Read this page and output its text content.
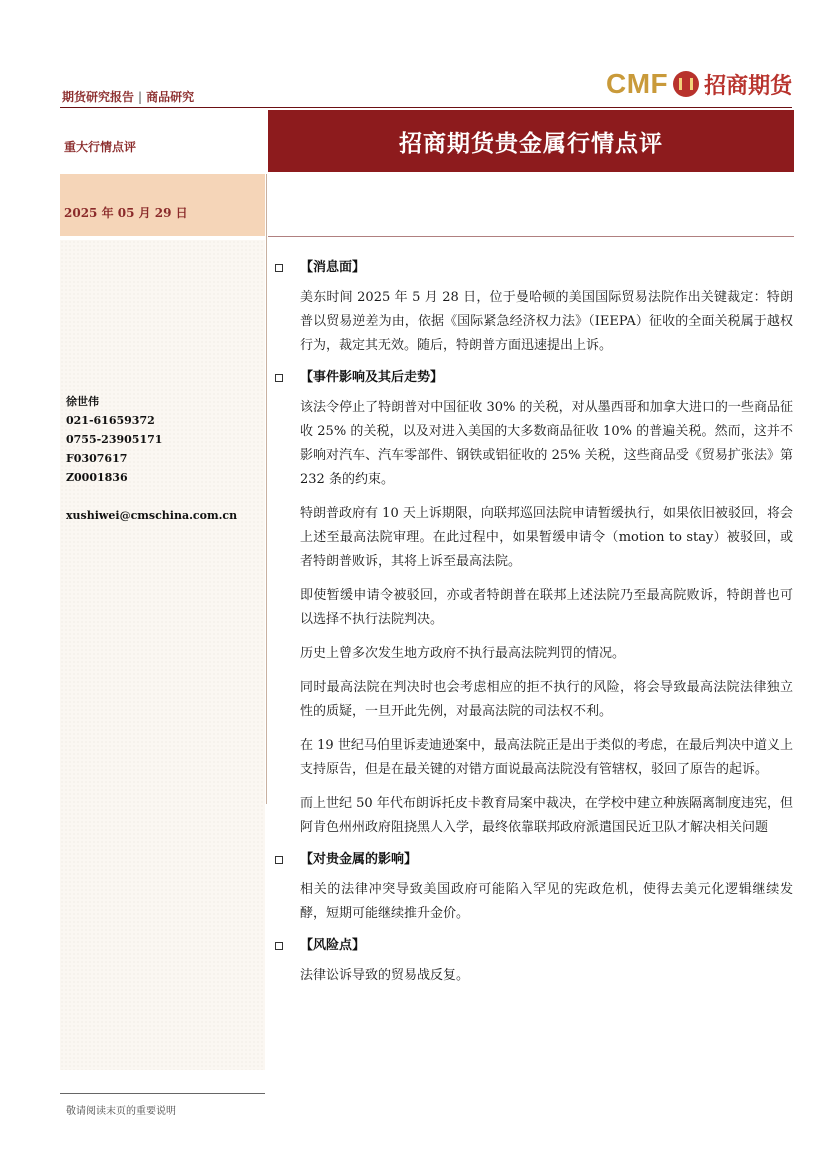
期货研究报告 | 商品研究	CMF 招商期货
重大行情点评	招商期货贵金属行情点评
2025 年 05 月 29 日
徐世伟
021-61659372
0755-23905171
F0307617
Z0001836
xushiwei@cmschina.com.cn
【消息面】

美东时间 2025 年 5 月 28 日，位于曼哈顿的美国国际贸易法院作出关键裁定：特朗普以贸易逆差为由，依据《国际紧急经济权力法》（IEEPA）征收的全面关税属于越权行为，裁定其无效。随后，特朗普方面迅速提出上诉。

【事件影响及其后走势】

该法令停止了特朗普对中国征收 30% 的关税，对从墨西哥和加拿大进口的一些商品征收 25% 的关税，以及对进入美国的大多数商品征收 10% 的普遍关税。然而，这并不影响对汽车、汽车零部件、钢铁或铝征收的 25% 关税，这些商品受《贸易扩张法》第 232 条的约束。

特朗普政府有 10 天上诉期限，向联邦巡回法院申请暂缓执行，如果依旧被驳回，将会上述至最高法院审理。在此过程中，如果暂缓申请令（motion to stay）被驳回，或者特朗普败诉，其将上诉至最高法院。

即使暂缓申请令被驳回，亦或者特朗普在联邦上述法院乃至最高院败诉，特朗普也可以选择不执行法院判决。

历史上曾多次发生地方政府不执行最高法院判罚的情况。

同时最高法院在判决时也会考虑相应的拒不执行的风险，将会导致最高法院法律独立性的质疑，一旦开此先例，对最高法院的司法权不利。

在 19 世纪马伯里诉麦迪逊案中，最高法院正是出于类似的考虑，在最后判决中道义上支持原告，但是在最关键的对错方面说最高法院没有管辖权，驳回了原告的起诉。

而上世纪 50 年代布朗诉托皮卡教育局案中裁决，在学校中建立种族隔离制度违宪，但阿肯色州州政府阻挠黑人入学，最终依靠联邦政府派遣国民近卫队才解决相关问题

【对贵金属的影响】

相关的法律冲突导致美国政府可能陷入罕见的宪政危机，使得去美元化逻辑继续发酵，短期可能继续推升金价。

【风险点】

法律讼诉导致的贸易战反复。

敬请阅读末页的重要说明
